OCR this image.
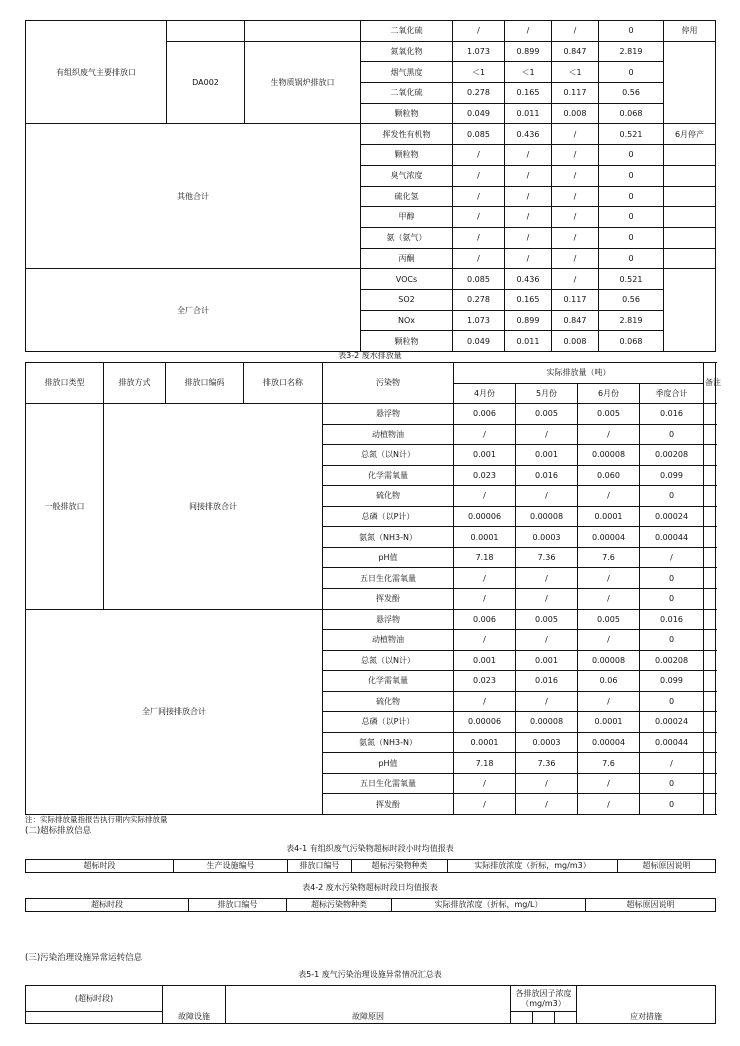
有组织废气主要排放口			二氧化硫	/	/	/	0	停用
	DA002	生物质锅炉排放口	氮氧化物	1.073	0.899	0.847	2.819	
			烟气黑度	＜1	＜1	＜1	0	
			二氧化硫	0.278	0.165	0.117	0.56	
			颗粒物	0.049	0.011	0.008	0.068	
其他合计			挥发性有机物	0.085	0.436	/	0.521	6月停产
			颗粒物	/	/	/	0	
			臭气浓度	/	/	/	0	
			硫化氢	/	/	/	0	
			甲醇	/	/	/	0	
			氨（氨气）	/	/	/	0	
			丙酮	/	/	/	0	
全厂合计			VOCs	0.085	0.436	/	0.521	
			SO2	0.278	0.165	0.117	0.56	
			NOx	1.073	0.899	0.847	2.819	
			颗粒物	0.049	0.011	0.008	0.068	
表3-2 废水排放量
排放口类型	排放方式	排放口编码	排放口名称	污染物	实际排放量（吨）				备注
					4月份	5月份	6月份	季度合计	
一般排放口	间接排放合计			悬浮物	0.006	0.005	0.005	0.016	
				动植物油	/	/	/	0	
				总氮（以N计）	0.001	0.001	0.00008	0.00208	
				化学需氧量	0.023	0.016	0.060	0.099	
				硫化物	/	/	/	0	
				总磷（以P计）	0.00006	0.00008	0.0001	0.00024	
				氨氮（NH3-N）	0.0001	0.0003	0.00004	0.00044	
				pH值	7.18	7.36	7.6	/	
				五日生化需氧量	/	/	/	0	
				挥发酚	/	/	/	0	
全厂间接排放合计				悬浮物	0.006	0.005	0.005	0.016	
				动植物油	/	/	/	0	
				总氮（以N计）	0.001	0.001	0.00008	0.00208	
				化学需氧量	0.023	0.016	0.06	0.099	
				硫化物	/	/	/	0	
				总磷（以P计）	0.00006	0.00008	0.0001	0.00024	
				氨氮（NH3-N）	0.0001	0.0003	0.00004	0.00044	
				pH值	7.18	7.36	7.6	/	
				五日生化需氧量	/	/	/	0	
				挥发酚	/	/	/	0	
注：实际排放量指报告执行期内实际排放量
(二)超标排放信息
表4-1 有组织废气污染物超标时段小时均值报表
超标时段	生产设施编号	排放口编号	超标污染物种类	实际排放浓度（折标，mg/m3）	超标原因说明
表4-2 废水污染物超标时段日均值报表
超标时段	排放口编号	超标污染物种类	实际排放浓度（折标，mg/L）	超标原因说明
(三)污染治理设施异常运转信息
表5-1 废气污染治理设施异常情况汇总表
(超标时段)	故障设施	故障原因	各排放因子浓度（mg/m3）			应对措施
